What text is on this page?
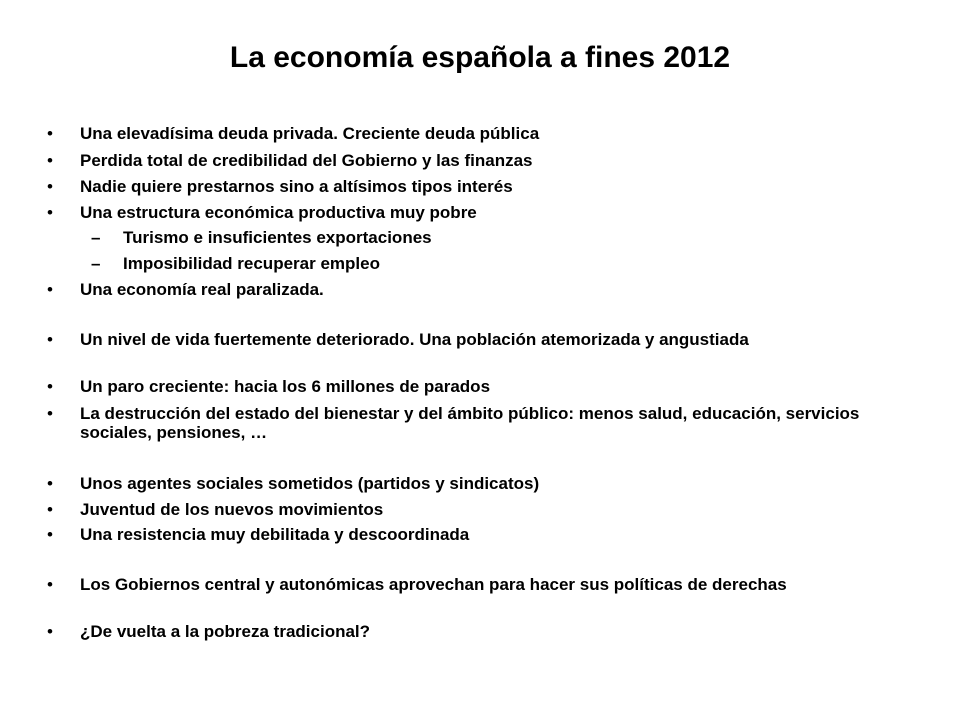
La economía española a fines 2012
• Una elevadísima deuda privada. Creciente deuda pública
• Perdida total de credibilidad del Gobierno y las finanzas
• Nadie quiere prestarnos sino a altísimos tipos interés
• Una estructura económica productiva muy pobre
– Turismo e insuficientes exportaciones
– Imposibilidad recuperar empleo
• Una economía real paralizada.
• Un nivel de vida fuertemente deteriorado. Una población atemorizada y angustiada
• Un paro creciente: hacia los 6 millones de parados
• La destrucción del estado del bienestar y del ámbito público: menos salud, educación, servicios sociales, pensiones, …
• Unos agentes sociales sometidos (partidos y sindicatos)
• Juventud de los nuevos movimientos
• Una resistencia muy debilitada y descoordinada
• Los Gobiernos central y autonómicas aprovechan para hacer sus políticas de derechas
• ¿De vuelta a la pobreza tradicional?
